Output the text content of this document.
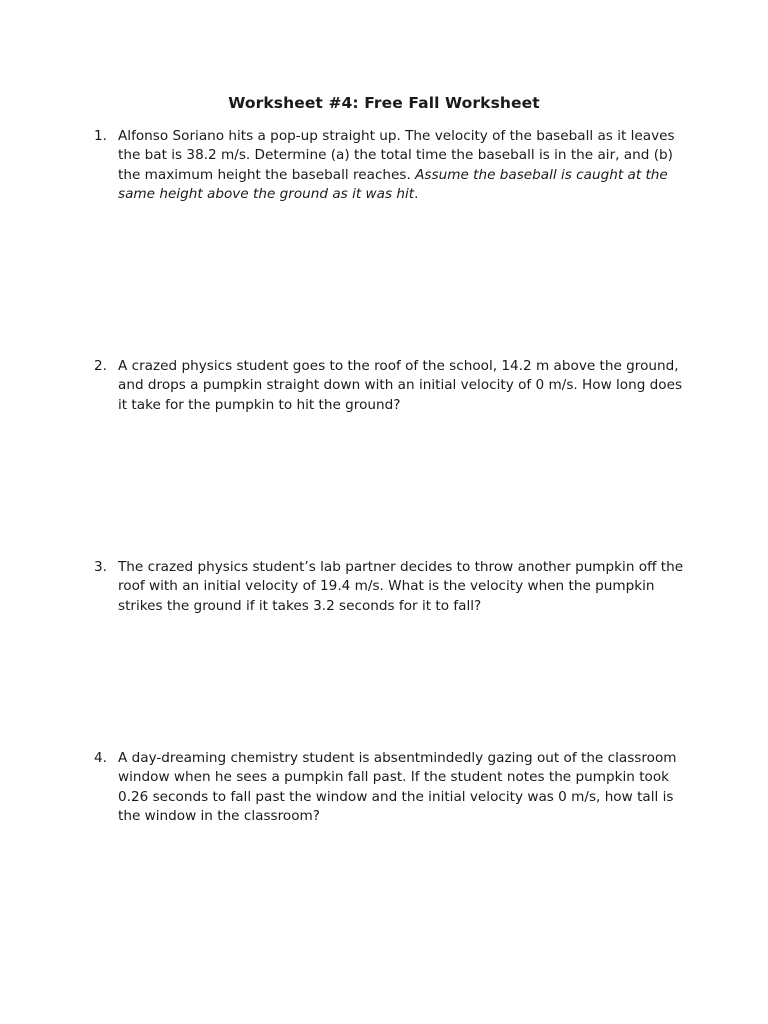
Worksheet #4: Free Fall Worksheet
1. Alfonso Soriano hits a pop-up straight up. The velocity of the baseball as it leaves
the bat is 38.2 m/s. Determine (a) the total time the baseball is in the air, and (b)
the maximum height the baseball reaches. Assume the baseball is caught at the
same height above the ground as it was hit.
2. A crazed physics student goes to the roof of the school, 14.2 m above the ground,
and drops a pumpkin straight down with an initial velocity of 0 m/s. How long does
it take for the pumpkin to hit the ground?
3. The crazed physics student’s lab partner decides to throw another pumpkin off the
roof with an initial velocity of 19.4 m/s. What is the velocity when the pumpkin
strikes the ground if it takes 3.2 seconds for it to fall?
4. A day-dreaming chemistry student is absentmindedly gazing out of the classroom
window when he sees a pumpkin fall past. If the student notes the pumpkin took
0.26 seconds to fall past the window and the initial velocity was 0 m/s, how tall is
the window in the classroom?
